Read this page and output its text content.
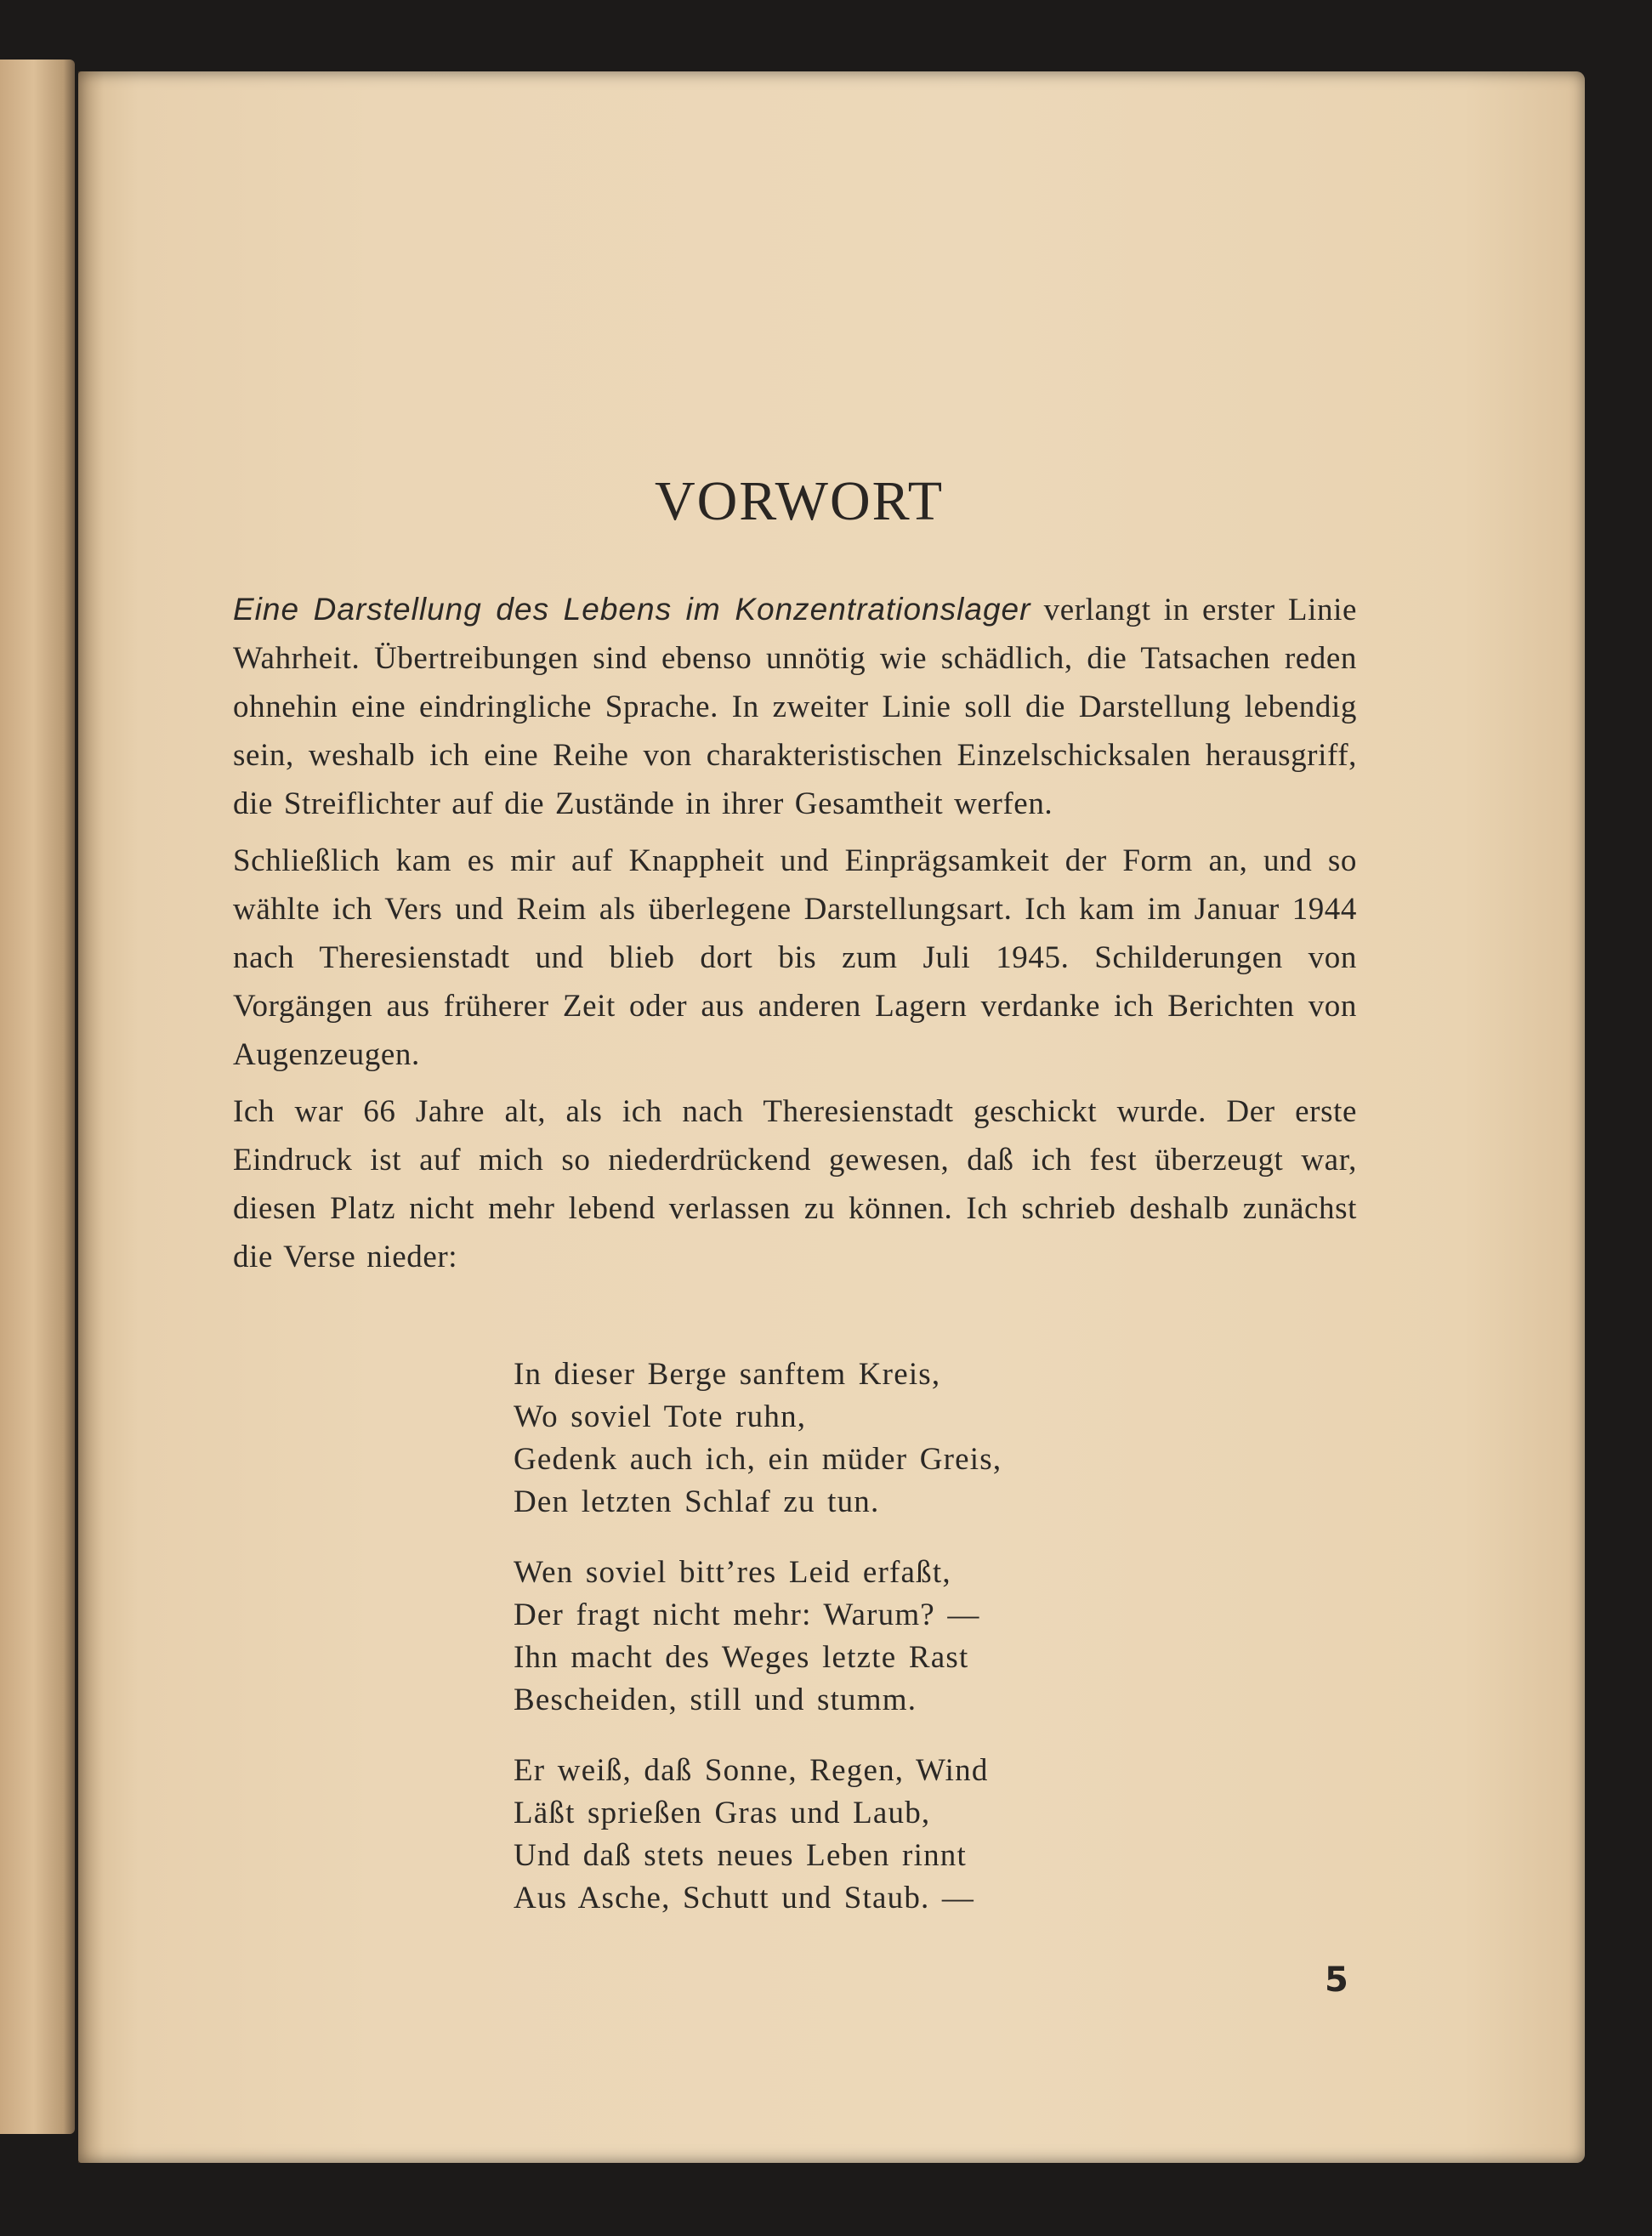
VORWORT

Eine Darstellung des Lebens im Konzentrationslager verlangt in erster Linie Wahrheit. Übertreibungen sind ebenso unnötig wie schädlich, die Tatsachen reden ohnehin eine eindringliche Sprache. In zweiter Linie soll die Darstellung lebendig sein, weshalb ich eine Reihe von charakteristischen Einzelschicksalen herausgriff, die Streiflichter auf die Zustände in ihrer Gesamtheit werfen.

Schließlich kam es mir auf Knappheit und Einprägsamkeit der Form an, und so wählte ich Vers und Reim als überlegene Darstellungsart. Ich kam im Januar 1944 nach Theresienstadt und blieb dort bis zum Juli 1945. Schilderungen von Vorgängen aus früherer Zeit oder aus anderen Lagern verdanke ich Berichten von Augenzeugen.

Ich war 66 Jahre alt, als ich nach Theresienstadt geschickt wurde. Der erste Eindruck ist auf mich so niederdrückend gewesen, daß ich fest überzeugt war, diesen Platz nicht mehr lebend verlassen zu können. Ich schrieb deshalb zunächst die Verse nieder:

In dieser Berge sanftem Kreis,
Wo soviel Tote ruhn,
Gedenk auch ich, ein müder Greis,
Den letzten Schlaf zu tun.
Wen soviel bitt’res Leid erfaßt,
Der fragt nicht mehr: Warum? —
Ihn macht des Weges letzte Rast
Bescheiden, still und stumm.
Er weiß, daß Sonne, Regen, Wind
Läßt sprießen Gras und Laub,
Und daß stets neues Leben rinnt
Aus Asche, Schutt und Staub. —
5
